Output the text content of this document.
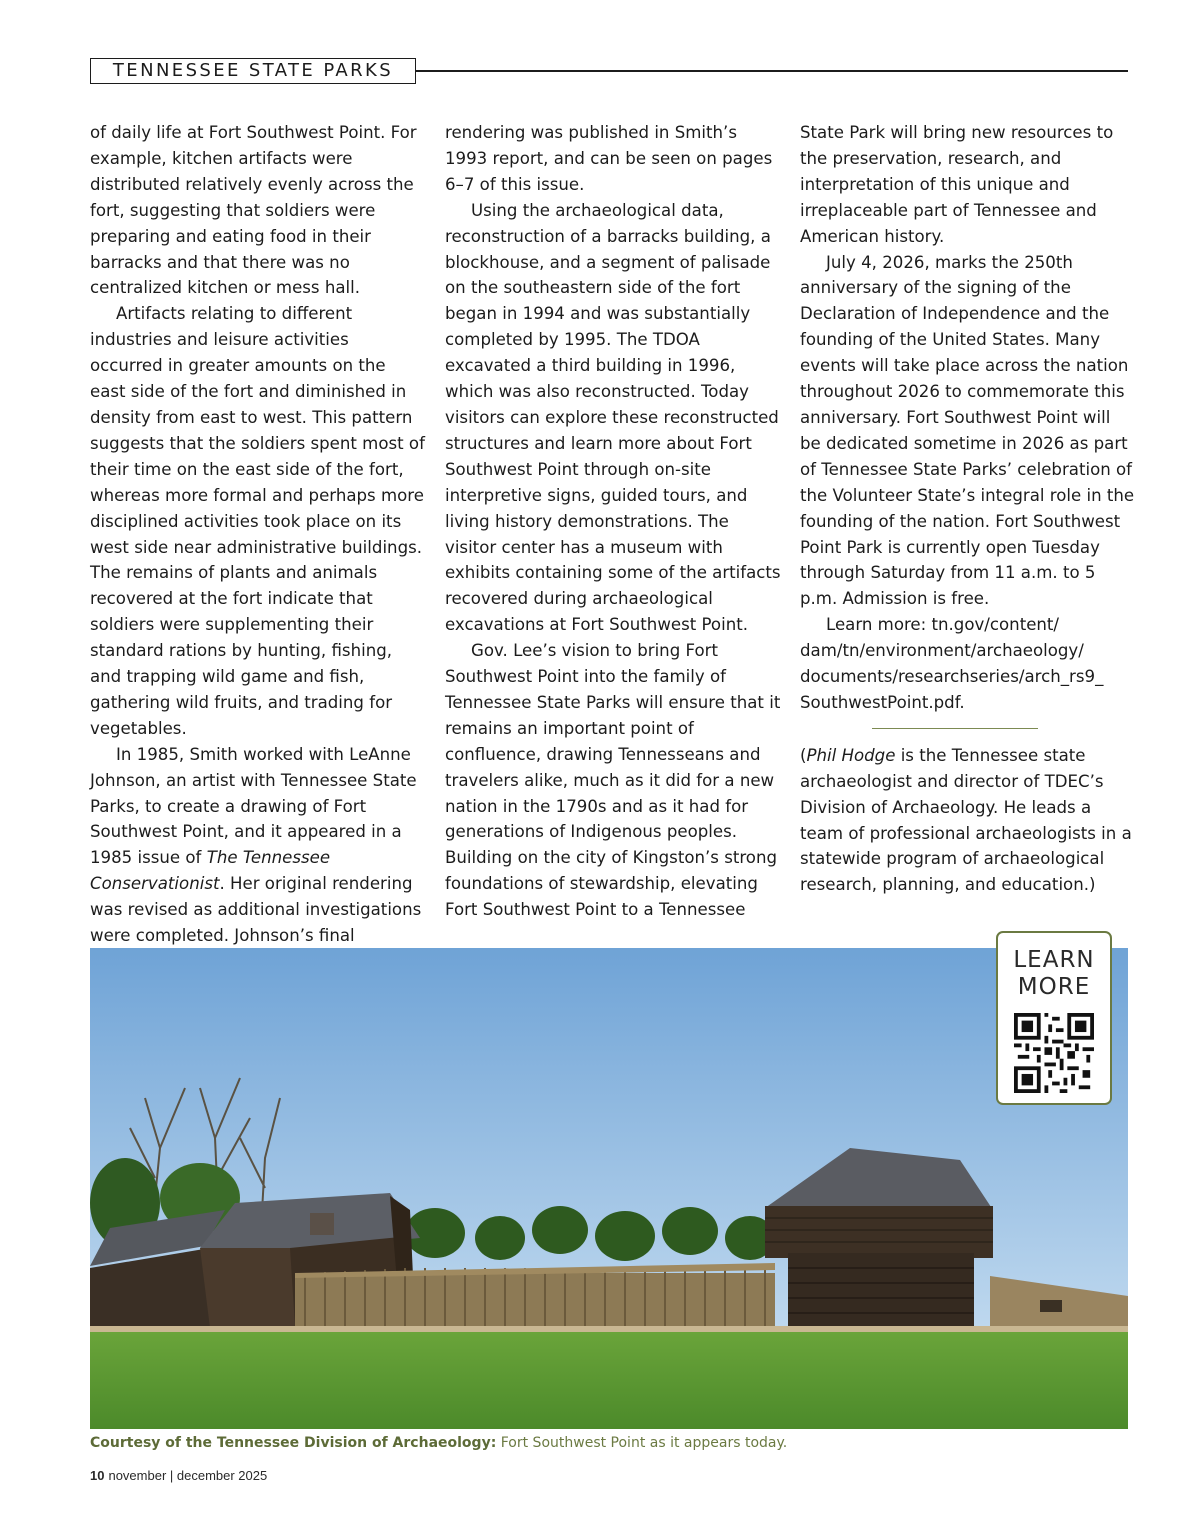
TENNESSEE STATE PARKS

of daily life at Fort Southwest Point. For example, kitchen artifacts were distributed relatively evenly across the fort, suggesting that soldiers were preparing and eating food in their barracks and that there was no centralized kitchen or mess hall.

Artifacts relating to different industries and leisure activities occurred in greater amounts on the east side of the fort and diminished in density from east to west. This pattern suggests that the soldiers spent most of their time on the east side of the fort, whereas more formal and perhaps more disciplined activities took place on its west side near administrative buildings. The remains of plants and animals recovered at the fort indicate that soldiers were supplementing their standard rations by hunting, fishing, and trapping wild game and fish, gathering wild fruits, and trading for vegetables.

In 1985, Smith worked with LeAnne Johnson, an artist with Tennessee State Parks, to create a drawing of Fort Southwest Point, and it appeared in a 1985 issue of The Tennessee Conservationist. Her original rendering was revised as additional investigations were completed. Johnson’s final

rendering was published in Smith’s 1993 report, and can be seen on pages 6–7 of this issue.

Using the archaeological data, reconstruction of a barracks building, a blockhouse, and a segment of palisade on the southeastern side of the fort began in 1994 and was substantially completed by 1995. The TDOA excavated a third building in 1996, which was also reconstructed. Today visitors can explore these reconstructed structures and learn more about Fort Southwest Point through on-site interpretive signs, guided tours, and living history demonstrations. The visitor center has a museum with exhibits containing some of the artifacts recovered during archaeological excavations at Fort Southwest Point.

Gov. Lee’s vision to bring Fort Southwest Point into the family of Tennessee State Parks will ensure that it remains an important point of confluence, drawing Tennesseans and travelers alike, much as it did for a new nation in the 1790s and as it had for generations of Indigenous peoples. Building on the city of Kingston’s strong foundations of stewardship, elevating Fort Southwest Point to a Tennessee

State Park will bring new resources to the preservation, research, and interpretation of this unique and irreplaceable part of Tennessee and American history.

July 4, 2026, marks the 250th anniversary of the signing of the Declaration of Independence and the founding of the United States. Many events will take place across the nation throughout 2026 to commemorate this anniversary. Fort Southwest Point will be dedicated sometime in 2026 as part of Tennessee State Parks’ celebration of the Volunteer State’s integral role in the founding of the nation. Fort Southwest Point Park is currently open Tuesday through Saturday from 11 a.m. to 5 p.m. Admission is free.

Learn more: tn.gov/content/ dam/tn/environment/archaeology/ documents/researchseries/arch_rs9_ SouthwestPoint.pdf.

(Phil Hodge is the Tennessee state archaeologist and director of TDEC’s Division of Archaeology. He leads a team of professional archaeologists in a statewide program of archaeological research, planning, and education.)

LEARN MORE
Courtesy of the Tennessee Division of Archaeology: Fort Southwest Point as it appears today.
10 november | december 2025
